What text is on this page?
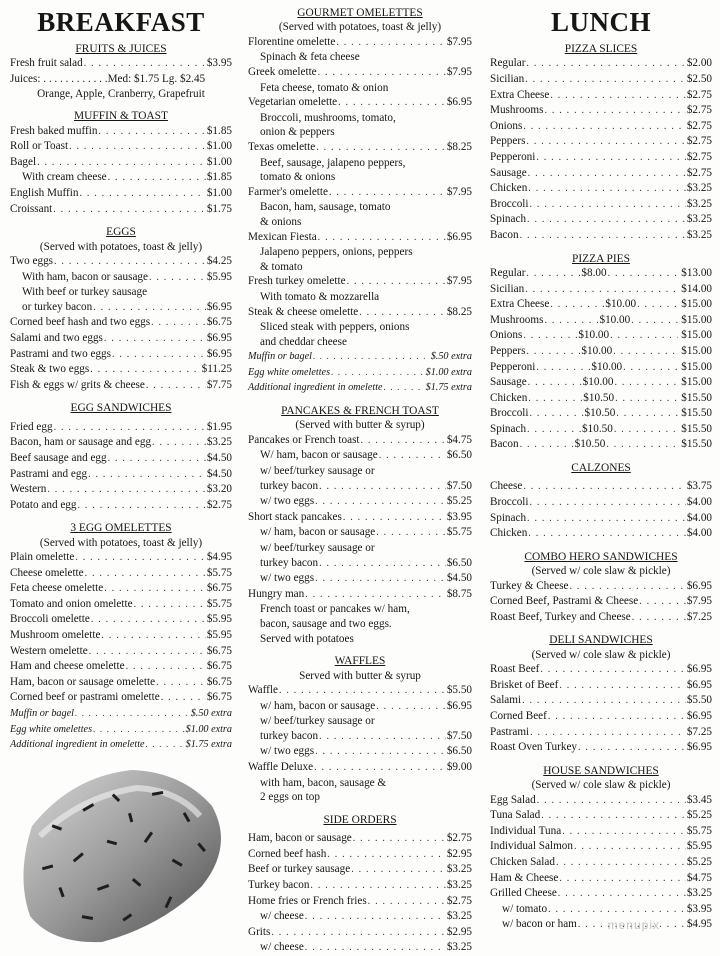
BREAKFAST
FRUITS & JUICES
Fresh fruit salad . . .	$3.95
Juices: . . . . . . . . . . . .Med: $1.75 Lg. $2.45
Orange, Apple, Cranberry, Grapefruit
MUFFIN & TOAST
Fresh baked muffin . . .	$1.85
Roll or Toast . . .	$1.00
Bagel . . .	$1.00
With cream cheese . . .	$1.85
English Muffin . . .	$1.00
Croissant . . .	$1.75
EGGS
(Served with potatoes, toast & jelly)
Two eggs . . .	$4.25
With ham, bacon or sausage . . .	$5.95
With beef or turkey sausage
or turkey bacon . . .	$6.95
Corned beef hash and two eggs . . .	$6.75
Salami and two eggs . . .	$6.95
Pastrami and two eggs . . .	$6.95
Steak & two eggs . . .	$11.25
Fish & eggs w/ grits & cheese . . .	$7.75
EGG SANDWICHES
Fried egg . . .	$1.95
Bacon, ham or sausage and egg . . .	$3.25
Beef sausage and egg . . .	$4.50
Pastrami and egg . . .	$4.50
Western . . .	$3.20
Potato and egg . . .	$2.75
3 EGG OMELETTES
(Served with potatoes, toast & jelly)
Plain omelette . . .	$4.95
Cheese omelette . . .	$5.75
Feta cheese omelette . . .	$6.75
Tomato and onion omelette . . .	$5.75
Broccoli omelette . . .	$5.95
Mushroom omelette . . .	$5.95
Western omelette . . .	$6.75
Ham and cheese omelette . . .	$6.75
Ham, bacon or sausage omelette . . .	$6.75
Corned beef or pastrami omelette . . .	$6.75
Muffin or bagel . . .	$.50 extra
Egg white omelettes . . .	$1.00 extra
Additional ingredient in omelette . . .	$1.75 extra
GOURMET OMELETTES
(Served with potatoes, toast & jelly)
Florentine omelette . . .	$7.95
Spinach & feta cheese
Greek omelette . . .	$7.95
Feta cheese, tomato & onion
Vegetarian omelette . . .	$6.95
Broccoli, mushrooms, tomato,
onion & peppers
Texas omelette . . .	$8.25
Beef, sausage, jalapeno peppers,
tomato & onions
Farmer's omelette . . .	$7.95
Bacon, ham, sausage, tomato
& onions
Mexican Fiesta . . .	$6.95
Jalapeno peppers, onions, peppers
& tomato
Fresh turkey omelette . . .	$7.95
With tomato & mozzarella
Steak & cheese omelette . . .	$8.25
Sliced steak with peppers, onions
and cheddar cheese
Muffin or bagel . . .	$.50 extra
Egg white omelettes . . .	$1.00 extra
Additional ingredient in omelette . . .	$1.75 extra
PANCAKES & FRENCH TOAST
(Served with butter & syrup)
Pancakes or French toast . . .	$4.75
W/ ham, bacon or sausage . . .	$6.50
w/ beef/turkey sausage or
turkey bacon . . .	$7.50
w/ two eggs . . .	$5.25
Short stack pancakes . . .	$3.95
w/ ham, bacon or sausage . . .	$5.75
w/ beef/turkey sausage or
turkey bacon . . .	$6.50
w/ two eggs . . .	$4.50
Hungry man . . .	$8.75
French toast or pancakes w/ ham,
bacon, sausage and two eggs.
Served with potatoes
WAFFLES
Served with butter & syrup
Waffle . . .	$5.50
w/ ham, bacon or sausage . . .	$6.95
w/ beef/turkey sausage or
turkey bacon . . .	$7.50
w/ two eggs . . .	$6.50
Waffle Deluxe . . .	$9.00
with ham, bacon, sausage &
2 eggs on top
SIDE ORDERS
Ham, bacon or sausage . . .	$2.75
Corned beef hash . . .	$2.95
Beef or turkey sausage . . .	$3.25
Turkey bacon . . .	$3.25
Home fries or French fries . . .	$2.75
w/ cheese . . .	$3.25
Grits . . .	$2.95
w/ cheese . . .	$3.25
LUNCH
PIZZA SLICES
Regular . . .	$2.00
Sicilian . . .	$2.50
Extra Cheese . . .	$2.75
Mushrooms . . .	$2.75
Onions . . .	$2.75
Peppers . . .	$2.75
Pepperoni . . .	$2.75
Sausage . . .	$2.75
Chicken . . .	$3.25
Broccoli . . .	$3.25
Spinach . . .	$3.25
Bacon . . .	$3.25
PIZZA PIES
Regular . . .	$8.00 . . .	$13.00
Sicilian . . .	$14.00
Extra Cheese . . .	$10.00 . . .	$15.00
Mushrooms . . .	$10.00 . . .	$15.00
Onions . . .	$10.00 . . .	$15.00
Peppers . . .	$10.00 . . .	$15.00
Pepperoni . . .	$10.00 . . .	$15.00
Sausage . . .	$10.00 . . .	$15.00
Chicken . . .	$10.50 . . .	$15.50
Broccoli . . .	$10.50 . . .	$15.50
Spinach . . .	$10.50 . . .	$15.50
Bacon . . .	$10.50 . . .	$15.50
CALZONES
Cheese . . .	$3.75
Broccoli . . .	$4.00
Spinach . . .	$4.00
Chicken . . .	$4.00
COMBO HERO SANDWICHES
(Served w/ cole slaw & pickle)
Turkey & Cheese . . .	$6.95
Corned Beef, Pastrami & Cheese . . .	$7.95
Roast Beef, Turkey and Cheese . . .	$7.25
DELI SANDWICHES
(Served w/ cole slaw & pickle)
Roast Beef . . .	$6.95
Brisket of Beef . . .	$6.95
Salami . . .	$5.50
Corned Beef . . .	$6.95
Pastrami . . .	$7.25
Roast Oven Turkey . . .	$6.95
HOUSE SANDWICHES
(Served w/ cole slaw & pickle)
Egg Salad . . .	$3.45
Tuna Salad . . .	$5.25
Individual Tuna . . .	$5.75
Individual Salmon . . .	$5.95
Chicken Salad . . .	$5.25
Ham & Cheese . . .	$4.75
Grilled Cheese . . .	$3.25
w/ tomato . . .	$3.95
w/ bacon or ham . . .	$4.95
menupix
